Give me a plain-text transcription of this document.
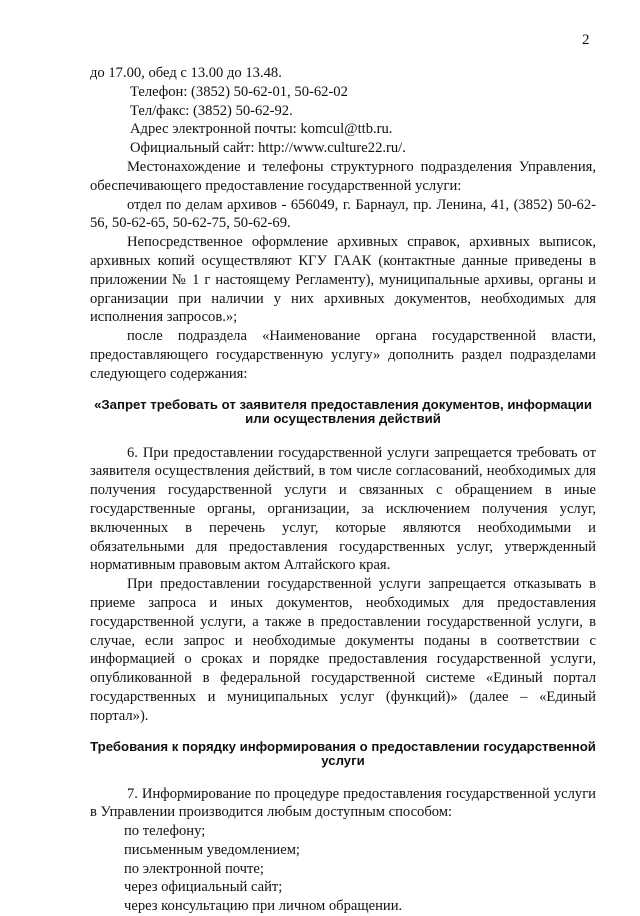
2

до 17.00, обед с 13.00 до 13.48.

Телефон: (3852) 50-62-01, 50-62-02

Тел/факс: (3852) 50-62-92.

Адрес электронной почты: komcul@ttb.ru.

Официальный сайт: http://www.culture22.ru/.

Местонахождение и телефоны структурного подразделения Управления, обеспечивающего предоставление государственной услуги:

отдел по делам архивов - 656049, г. Барнаул, пр. Ленина, 41, (3852) 50-62-56, 50-62-65, 50-62-75, 50-62-69.

Непосредственное оформление архивных справок, архивных выписок, архивных копий осуществляют КГУ ГААК (контактные данные приведены в приложении № 1 г настоящему Регламенту), муниципальные архивы, органы и организации при наличии у них архивных документов, необходимых для исполнения запросов.»;

после подраздела «Наименование органа государственной власти, предоставляющего государственную услугу» дополнить раздел подразделами следующего содержания:

«Запрет требовать от заявителя предоставления документов, информации или осуществления действий

6. При предоставлении государственной услуги запрещается требовать от заявителя осуществления действий, в том числе согласований, необходимых для получения государственной услуги и связанных с обращением в иные государственные органы, организации, за исключением получения услуг, включенных в перечень услуг, которые являются необходимыми и обязательными для предоставления государственных услуг, утвержденный нормативным правовым актом Алтайского края.

При предоставлении государственной услуги запрещается отказывать в приеме запроса и иных документов, необходимых для предоставления государственной услуги, а также в предоставлении государственной услуги, в случае, если запрос и необходимые документы поданы в соответствии с информацией о сроках и порядке предоставления государственной услуги, опубликованной в федеральной государственной системе «Единый портал государственных и муниципальных услуг (функций)» (далее – «Единый портал»).

Требования к порядку информирования о предоставлении государственной услуги

7. Информирование по процедуре предоставления государственной услуги в Управлении производится любым доступным способом:

по телефону;

письменным уведомлением;

по электронной почте;

через официальный сайт;

через консультацию при личном обращении.
